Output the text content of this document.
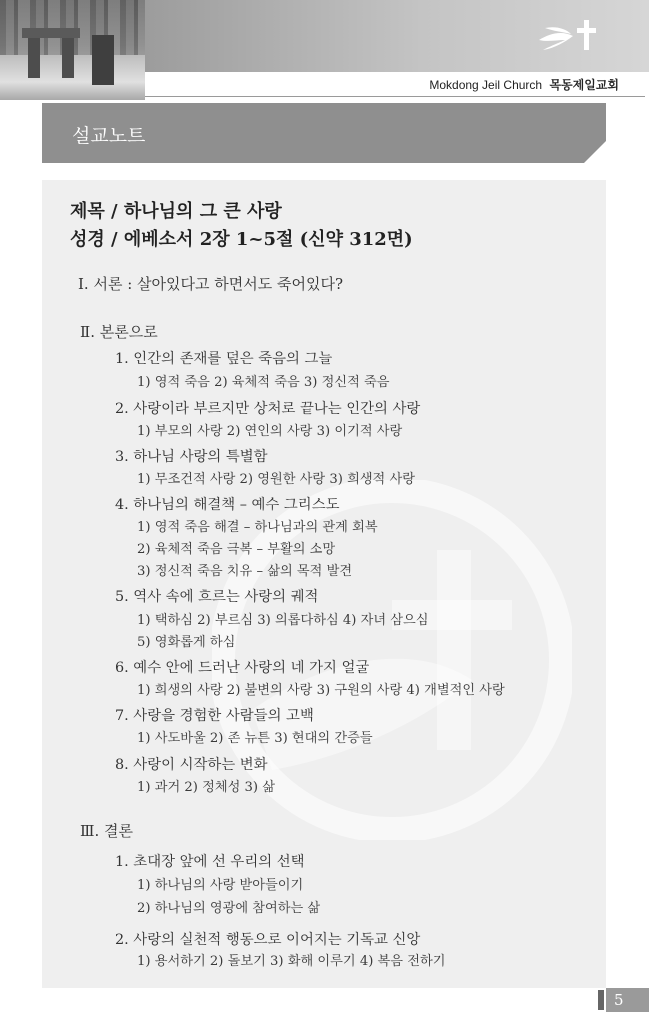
Mokdong Jeil Church 목동제일교회
설교노트
제목 / 하나님의 그 큰 사랑
성경 / 에베소서 2장 1~5절 (신약 312면)
Ⅰ. 서론 : 살아있다고 하면서도 죽어있다?
Ⅱ. 본론으로
1. 인간의 존재를 덮은 죽음의 그늘
1) 영적 죽음 2) 육체적 죽음 3) 정신적 죽음
2. 사랑이라 부르지만 상처로 끝나는 인간의 사랑
1) 부모의 사랑 2) 연인의 사랑 3) 이기적 사랑
3. 하나님 사랑의 특별함
1) 무조건적 사랑 2) 영원한 사랑 3) 희생적 사랑
4. 하나님의 해결책 – 예수 그리스도
1) 영적 죽음 해결 – 하나님과의 관계 회복
2) 육체적 죽음 극복 – 부활의 소망
3) 정신적 죽음 치유 – 삶의 목적 발견
5. 역사 속에 흐르는 사랑의 궤적
1) 택하심 2) 부르심 3) 의롭다하심 4) 자녀 삼으심
5) 영화롭게 하심
6. 예수 안에 드러난 사랑의 네 가지 얼굴
1) 희생의 사랑 2) 불변의 사랑 3) 구원의 사랑 4) 개별적인 사랑
7. 사랑을 경험한 사람들의 고백
1) 사도바울 2) 존 뉴튼 3) 현대의 간증들
8. 사랑이 시작하는 변화
1) 과거 2) 정체성 3) 삶
Ⅲ. 결론
1. 초대장 앞에 선 우리의 선택
1) 하나님의 사랑 받아들이기
2) 하나님의 영광에 참여하는 삶
2. 사랑의 실천적 행동으로 이어지는 기독교 신앙
1) 용서하기 2) 돌보기 3) 화해 이루기 4) 복음 전하기
5
